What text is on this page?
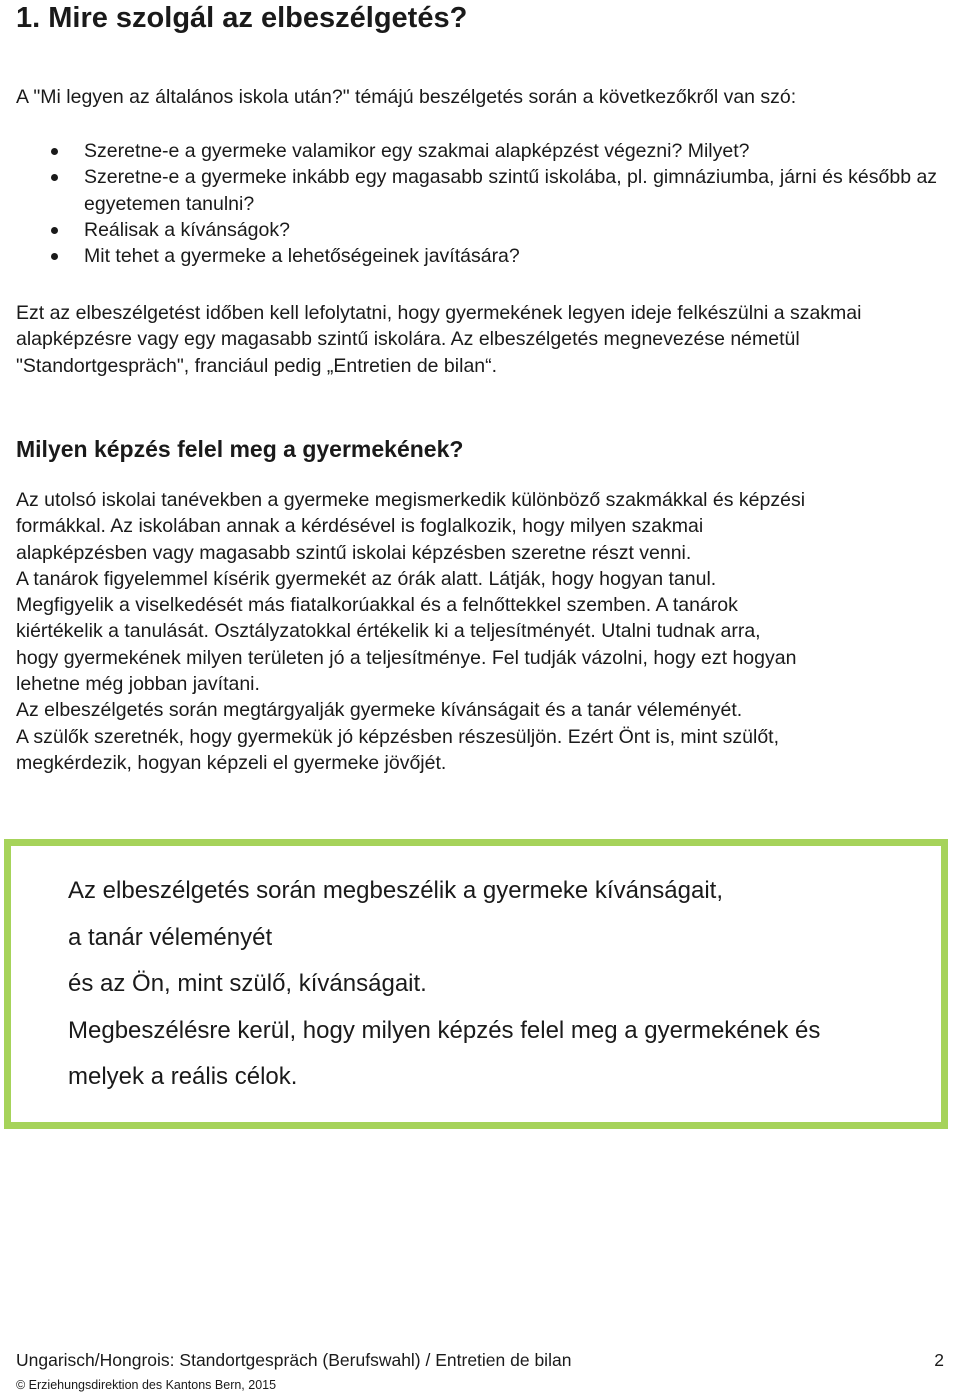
1. Mire szolgál az elbeszélgetés?

A "Mi legyen az általános iskola után?" témájú beszélgetés során a következőkről van szó:

Szeretne-e a gyermeke valamikor egy szakmai alapképzést végezni? Milyet?
Szeretne-e a gyermeke inkább egy magasabb szintű iskolába, pl. gimnáziumba, járni és később az egyetemen tanulni?
Reálisak a kívánságok?
Mit tehet a gyermeke a lehetőségeinek javítására?

Ezt az elbeszélgetést időben kell lefolytatni, hogy gyermekének legyen ideje felkészülni a szakmai alapképzésre vagy egy magasabb szintű iskolára. Az elbeszélgetés megnevezése németül "Standortgespräch", franciául pedig „Entretien de bilan“.

Milyen képzés felel meg a gyermekének?
Az utolsó iskolai tanévekben a gyermeke megismerkedik különböző szakmákkal és képzési
formákkal. Az iskolában annak a kérdésével is foglalkozik, hogy milyen szakmai
alapképzésben vagy magasabb szintű iskolai képzésben szeretne részt venni.
A tanárok figyelemmel kísérik gyermekét az órák alatt. Látják, hogy hogyan tanul.
Megfigyelik a viselkedését más fiatalkorúakkal és a felnőttekkel szemben. A tanárok
kiértékelik a tanulását. Osztályzatokkal értékelik ki a teljesítményét. Utalni tudnak arra,
hogy gyermekének milyen területen jó a teljesítménye. Fel tudják vázolni, hogy ezt hogyan
lehetne még jobban javítani.
Az elbeszélgetés során megtárgyalják gyermeke kívánságait és a tanár véleményét.
A szülők szeretnék, hogy gyermekük jó képzésben részesüljön. Ezért Önt is, mint szülőt,
megkérdezik, hogyan képzeli el gyermeke jövőjét.
Az elbeszélgetés során megbeszélik a gyermeke kívánságait,
a tanár véleményét
és az Ön, mint szülő, kívánságait.
Megbeszélésre kerül, hogy milyen képzés felel meg a gyermekének és
melyek a reális célok.
Ungarisch/Hongrois: Standortgespräch (Berufswahl) / Entretien de bilan	2
© Erziehungsdirektion des Kantons Bern, 2015
